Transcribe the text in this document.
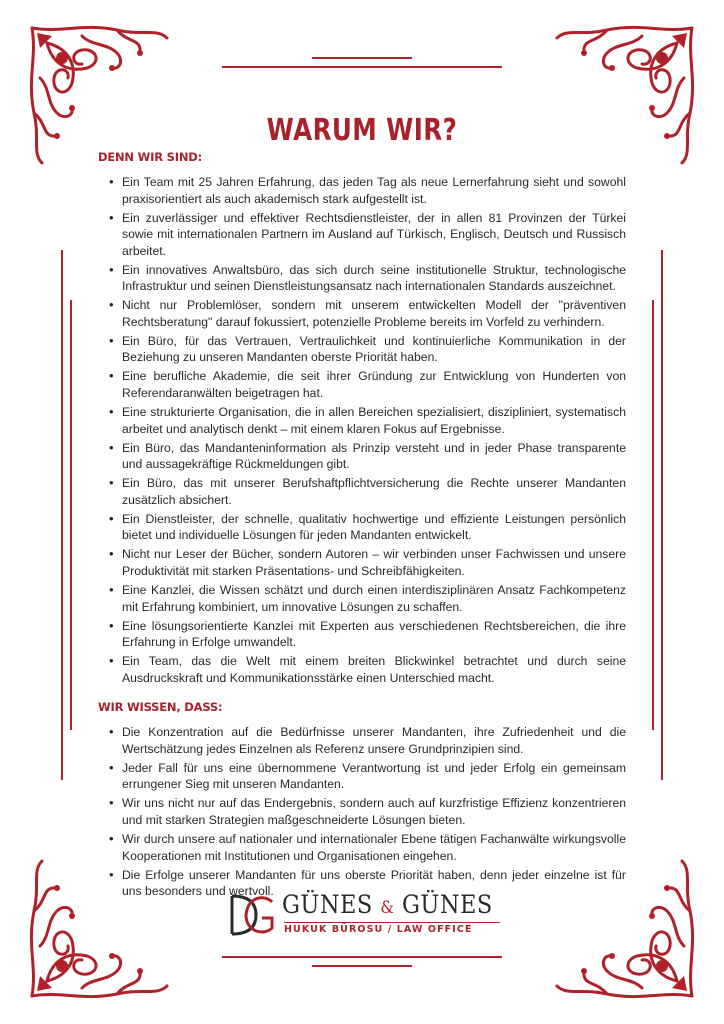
WARUM WIR?
DENN WIR SIND:
• Ein Team mit 25 Jahren Erfahrung, das jeden Tag als neue Lernerfahrung sieht und sowohl praxisorientiert als auch akademisch stark aufgestellt ist.
• Ein zuverlässiger und effektiver Rechtsdienstleister, der in allen 81 Provinzen der Türkei sowie mit internationalen Partnern im Ausland auf Türkisch, Englisch, Deutsch und Russisch arbeitet.
• Ein innovatives Anwaltsbüro, das sich durch seine institutionelle Struktur, technologische Infrastruktur und seinen Dienstleistungsansatz nach internationalen Standards auszeichnet.
• Nicht nur Problemlöser, sondern mit unserem entwickelten Modell der "präventiven Rechtsberatung" darauf fokussiert, potenzielle Probleme bereits im Vorfeld zu verhindern.
• Ein Büro, für das Vertrauen, Vertraulichkeit und kontinuierliche Kommunikation in der Beziehung zu unseren Mandanten oberste Priorität haben.
• Eine berufliche Akademie, die seit ihrer Gründung zur Entwicklung von Hunderten von Referendaranwälten beigetragen hat.
• Eine strukturierte Organisation, die in allen Bereichen spezialisiert, diszipliniert, systematisch arbeitet und analytisch denkt – mit einem klaren Fokus auf Ergebnisse.
• Ein Büro, das Mandanteninformation als Prinzip versteht und in jeder Phase transparente und aussagekräftige Rückmeldungen gibt.
• Ein Büro, das mit unserer Berufshaftpflichtversicherung die Rechte unserer Mandanten zusätzlich absichert.
• Ein Dienstleister, der schnelle, qualitativ hochwertige und effiziente Leistungen persönlich bietet und individuelle Lösungen für jeden Mandanten entwickelt.
• Nicht nur Leser der Bücher, sondern Autoren – wir verbinden unser Fachwissen und unsere Produktivität mit starken Präsentations- und Schreibfähigkeiten.
• Eine Kanzlei, die Wissen schätzt und durch einen interdisziplinären Ansatz Fachkompetenz mit Erfahrung kombiniert, um innovative Lösungen zu schaffen.
• Eine lösungsorientierte Kanzlei mit Experten aus verschiedenen Rechtsbereichen, die ihre Erfahrung in Erfolge umwandelt.
• Ein Team, das die Welt mit einem breiten Blickwinkel betrachtet und durch seine Ausdruckskraft und Kommunikationsstärke einen Unterschied macht.
WIR WISSEN, DASS:
• Die Konzentration auf die Bedürfnisse unserer Mandanten, ihre Zufriedenheit und die Wertschätzung jedes Einzelnen als Referenz unsere Grundprinzipien sind.
• Jeder Fall für uns eine übernommene Verantwortung ist und jeder Erfolg ein gemeinsam errungener Sieg mit unseren Mandanten.
• Wir uns nicht nur auf das Endergebnis, sondern auch auf kurzfristige Effizienz konzentrieren und mit starken Strategien maßgeschneiderte Lösungen bieten.
• Wir durch unsere auf nationaler und internationaler Ebene tätigen Fachanwälte wirkungsvolle Kooperationen mit Institutionen und Organisationen eingehen.
• Die Erfolge unserer Mandanten für uns oberste Priorität haben, denn jeder einzelne ist für uns besonders und wertvoll. GÜNES & GÜNES
HUKUK BÜROSU / LAW OFFICE
